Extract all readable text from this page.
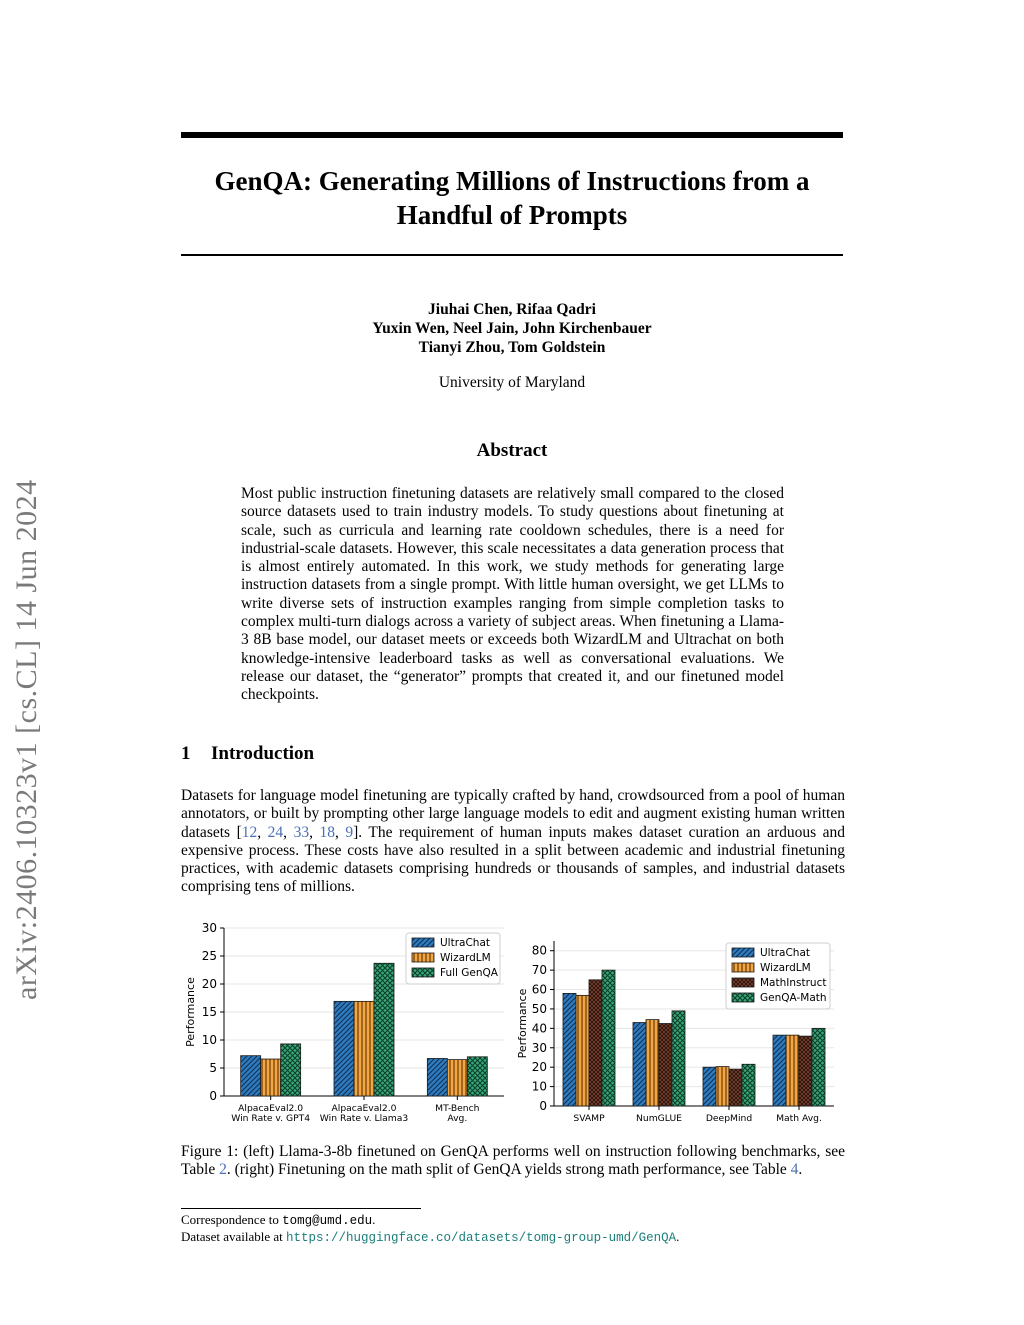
arXiv:2406.10323v1 [cs.CL] 14 Jun 2024
GenQA: Generating Millions of Instructions from a
Handful of Prompts
Jiuhai Chen, Rifaa Qadri
Yuxin Wen, Neel Jain, John Kirchenbauer
Tianyi Zhou, Tom Goldstein
University of Maryland
Abstract
Most public instruction finetuning datasets are relatively small compared to the closed source datasets used to train industry models. To study questions about finetuning at scale, such as curricula and learning rate cooldown schedules, there is a need for industrial-scale datasets. However, this scale necessitates a data generation process that is almost entirely automated. In this work, we study methods for generating large instruction datasets from a single prompt. With little human oversight, we get LLMs to write diverse sets of instruction examples ranging from simple completion tasks to complex multi-turn dialogs across a variety of subject areas. When finetuning a Llama-3 8B base model, our dataset meets or exceeds both WizardLM and Ultrachat on both knowledge-intensive leaderboard tasks as well as conversational evaluations. We release our dataset, the “generator” prompts that created it, and our finetuned model checkpoints.
1 Introduction
Datasets for language model finetuning are typically crafted by hand, crowdsourced from a pool of human annotators, or built by prompting other large language models to edit and augment existing human written datasets [12, 24, 33, 18, 9]. The requirement of human inputs makes dataset curation an arduous and expensive process. These costs have also resulted in a split between academic and industrial finetuning practices, with academic datasets comprising hundreds or thousands of samples, and industrial datasets comprising tens of millions.
0
5
10
15
20
25
30
Performance
AlpacaEval2.0
Win Rate v. GPT4
AlpacaEval2.0
Win Rate v. Llama3
MT-Bench
Avg.
UltraChat
WizardLM
Full GenQA
0
10
20
30
40
50
60
70
80
Performance
SVAMP	NumGLUE	DeepMind	Math Avg.
UltraChat
WizardLM
MathInstruct
GenQA-Math
Figure 1: (left) Llama-3-8b finetuned on GenQA performs well on instruction following benchmarks, see Table 2. (right) Finetuning on the math split of GenQA yields strong math performance, see Table 4.
Correspondence to tomg@umd.edu.
Dataset available at https://huggingface.co/datasets/tomg-group-umd/GenQA.
